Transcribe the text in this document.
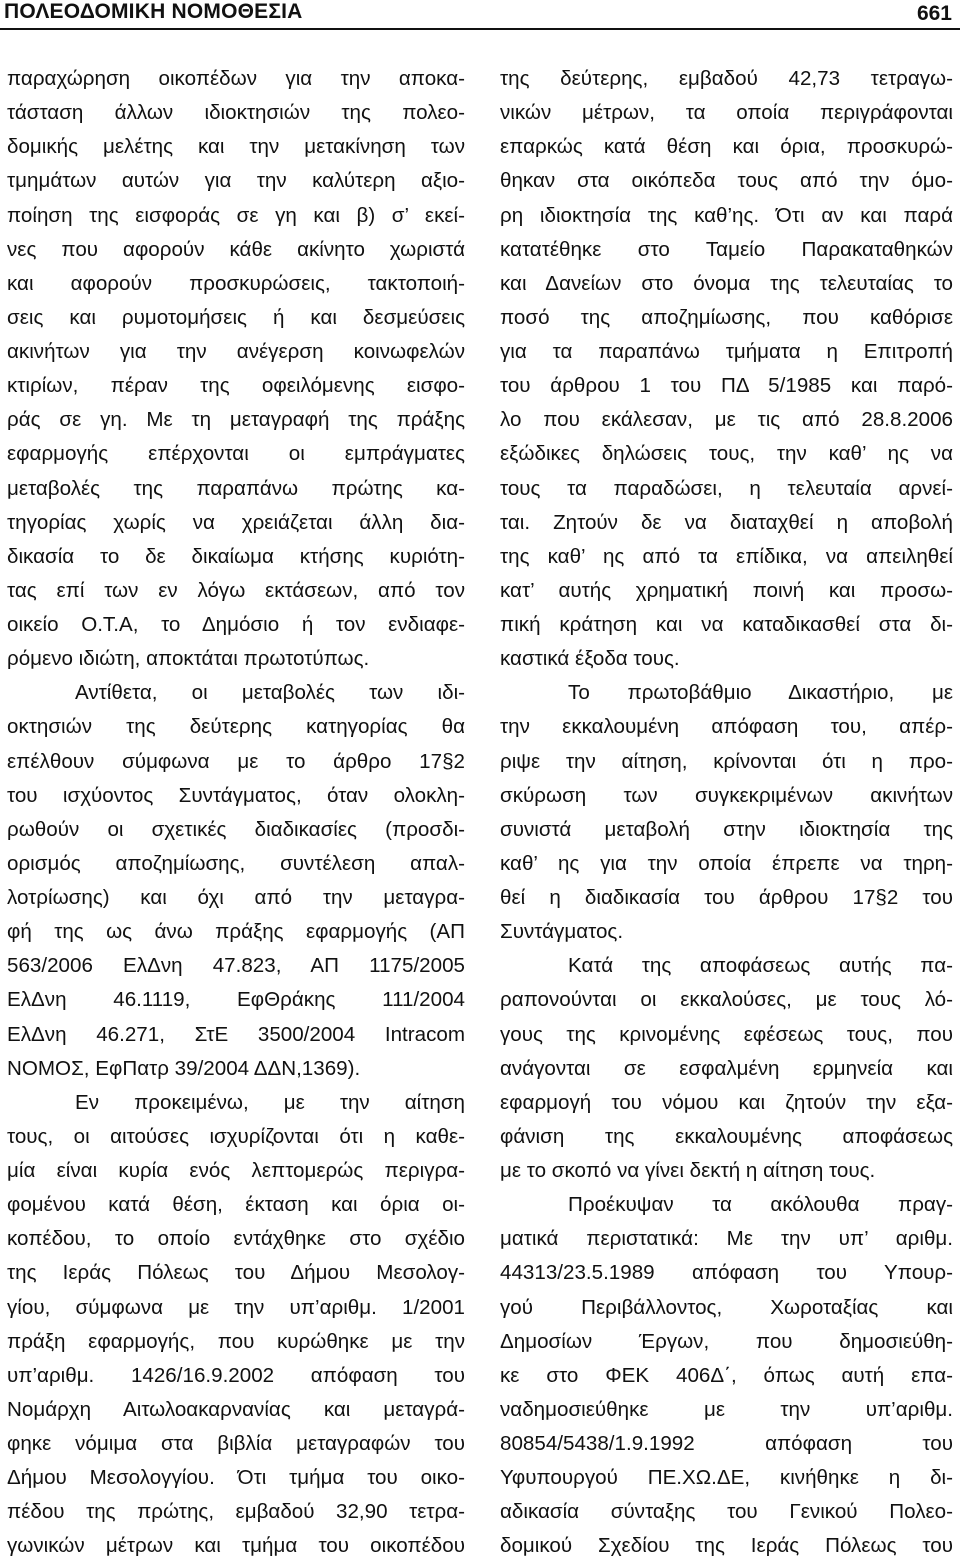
ΠΟΛΕΟΔΟΜΙΚΗ ΝΟΜΟΘΕΣΙΑ	661
παραχώρηση οικοπέδων για την αποκα-
τάσταση άλλων ιδιοκτησιών της πολεο-
δομικής μελέτης και την μετακίνηση των
τμημάτων αυτών για την καλύτερη αξιο-
ποίηση της εισφοράς σε γη και β) σ’ εκεί-
νες που αφορούν κάθε ακίνητο χωριστά
και αφορούν προσκυρώσεις, τακτοποιή-
σεις και ρυμοτομήσεις ή και δεσμεύσεις
ακινήτων για την ανέγερση κοινωφελών
κτιρίων, πέραν της οφειλόμενης εισφο-
ράς σε γη. Με τη μεταγραφή της πράξης
εφαρμογής επέρχονται οι εμπράγματες
μεταβολές της παραπάνω πρώτης κα-
τηγορίας χωρίς να χρειάζεται άλλη δια-
δικασία το δε δικαίωμα κτήσης κυριότη-
τας επί των εν λόγω εκτάσεων, από τον
οικείο Ο.Τ.Α, το Δημόσιο ή τον ενδιαφε-
ρόμενο ιδιώτη, αποκτάται πρωτοτύπως.
Αντίθετα, οι μεταβολές των ιδι-
οκτησιών της δεύτερης κατηγορίας θα
επέλθουν σύμφωνα με το άρθρο 17§2
του ισχύοντος Συντάγματος, όταν ολοκλη-
ρωθούν οι σχετικές διαδικασίες (προσδι-
ορισμός αποζημίωσης, συντέλεση απαλ-
λοτρίωσης) και όχι από την μεταγρα-
φή της ως άνω πράξης εφαρμογής (ΑΠ
563/2006 ΕλΔνη 47.823, ΑΠ 1175/2005
ΕλΔνη 46.1119, ΕφΘράκης 111/2004
ΕλΔνη 46.271, ΣτΕ 3500/2004 Intracom
ΝΟΜΟΣ, ΕφΠατρ 39/2004 ΔΔΝ,1369).
Εν προκειμένω, με την αίτηση
τους, οι αιτούσες ισχυρίζονται ότι η καθε-
μία είναι κυρία ενός λεπτομερώς περιγρα-
φομένου κατά θέση, έκταση και όρια οι-
κοπέδου, το οποίο εντάχθηκε στο σχέδιο
της Ιεράς Πόλεως του Δήμου Μεσολογ-
γίου, σύμφωνα με την υπ’αριθμ. 1/2001
πράξη εφαρμογής, που κυρώθηκε με την
υπ’αριθμ. 1426/16.9.2002 απόφαση του
Νομάρχη Αιτωλοακαρνανίας και μεταγρά-
φηκε νόμιμα στα βιβλία μεταγραφών του
Δήμου Μεσολογγίου. Ότι τμήμα του οικο-
πέδου της πρώτης, εμβαδού 32,90 τετρα-
γωνικών μέτρων και τμήμα του οικοπέδου
της δεύτερης, εμβαδού 42,73 τετραγω-
νικών μέτρων, τα οποία περιγράφονται
επαρκώς κατά θέση και όρια, προσκυρώ-
θηκαν στα οικόπεδα τους από την όμο-
ρη ιδιοκτησία της καθ’ης. Ότι αν και παρά
κατατέθηκε στο Ταμείο Παρακαταθηκών
και Δανείων στο όνομα της τελευταίας το
ποσό της αποζημίωσης, που καθόρισε
για τα παραπάνω τμήματα η Επιτροπή
του άρθρου 1 του ΠΔ 5/1985 και παρό-
λο που εκάλεσαν, με τις από 28.8.2006
εξώδικες δηλώσεις τους, την καθ’ ης να
τους τα παραδώσει, η τελευταία αρνεί-
ται. Ζητούν δε να διαταχθεί η αποβολή
της καθ’ ης από τα επίδικα, να απειληθεί
κατ’ αυτής χρηματική ποινή και προσω-
πική κράτηση και να καταδικασθεί στα δι-
καστικά έξοδα τους.
Το πρωτοβάθμιο Δικαστήριο, με
την εκκαλουμένη απόφαση του, απέρ-
ριψε την αίτηση, κρίνονται ότι η προ-
σκύρωση των συγκεκριμένων ακινήτων
συνιστά μεταβολή στην ιδιοκτησία της
καθ’ ης για την οποία έπρεπε να τηρη-
θεί η διαδικασία του άρθρου 17§2 του
Συντάγματος.
Κατά της αποφάσεως αυτής πα-
ραπονούνται οι εκκαλούσες, με τους λό-
γους της κρινομένης εφέσεως τους, που
ανάγονται σε εσφαλμένη ερμηνεία και
εφαρμογή του νόμου και ζητούν την εξα-
φάνιση της εκκαλουμένης αποφάσεως
με το σκοπό να γίνει δεκτή η αίτηση τους.
Προέκυψαν τα ακόλουθα πραγ-
ματικά περιστατικά: Με την υπ’ αριθμ.
44313/23.5.1989 απόφαση του Υπουρ-
γού Περιβάλλοντος, Χωροταξίας και
Δημοσίων Έργων, που δημοσιεύθη-
κε στο ΦΕΚ 406Δ΄, όπως αυτή επα-
ναδημοσιεύθηκε με την υπ’αριθμ.
80854/5438/1.9.1992 απόφαση του
Υφυπουργού ΠΕ.ΧΩ.ΔΕ, κινήθηκε η δι-
αδικασία σύνταξης του Γενικού Πολεο-
δομικού Σχεδίου της Ιεράς Πόλεως του
